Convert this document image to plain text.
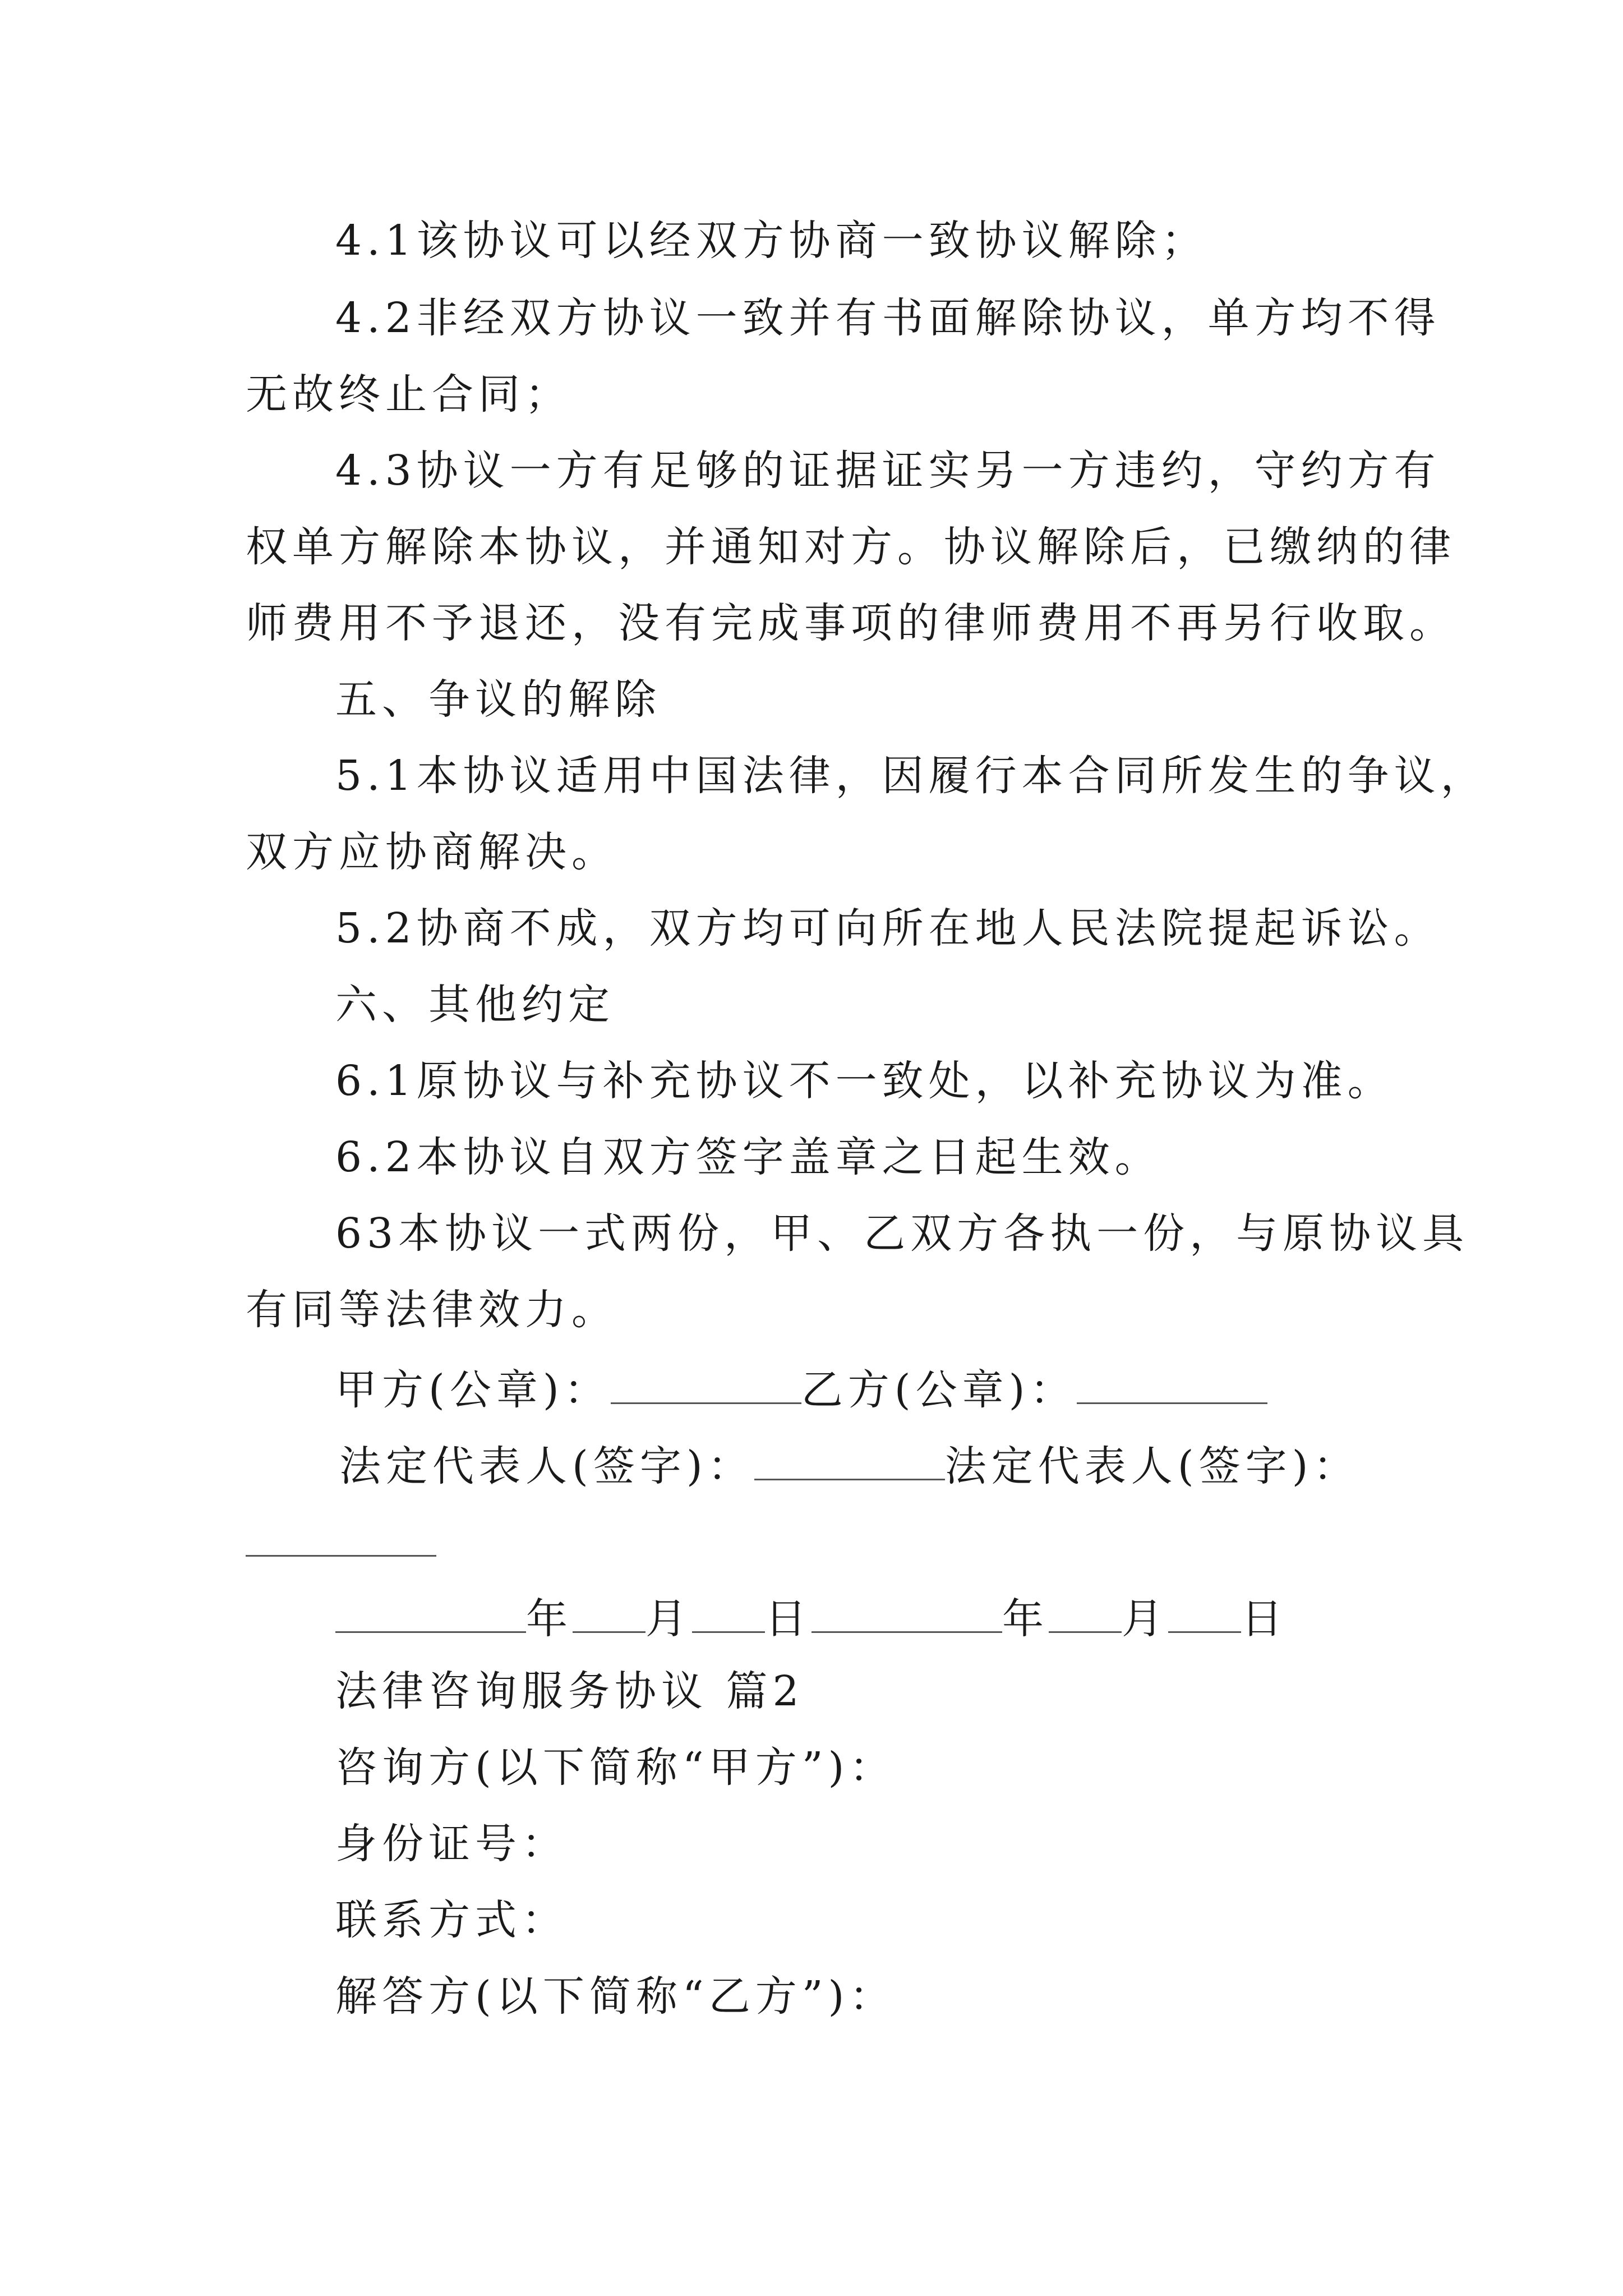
4.1该协议可以经双方协商一致协议解除；
4.2非经双方协议一致并有书面解除协议，单方均不得
无故终止合同；
4.3协议一方有足够的证据证实另一方违约，守约方有
权单方解除本协议，并通知对方。协议解除后，已缴纳的律
师费用不予退还，没有完成事项的律师费用不再另行收取。
五、争议的解除
5.1本协议适用中国法律，因履行本合同所发生的争议，
双方应协商解决。
5.2协商不成，双方均可向所在地人民法院提起诉讼。
六、其他约定
6.1原协议与补充协议不一致处，以补充协议为准。
6.2本协议自双方签字盖章之日起生效。
63本协议一式两份，甲、乙双方各执一份，与原协议具
有同等法律效力。
甲方(公章)：	乙方(公章)：
法定代表人(签字)：	法定代表人(签字)：
年 月 日	年 月 日
法律咨询服务协议 篇2
咨询方(以下简称“甲方”)：
身份证号：
联系方式：
解答方(以下简称“乙方”)：
